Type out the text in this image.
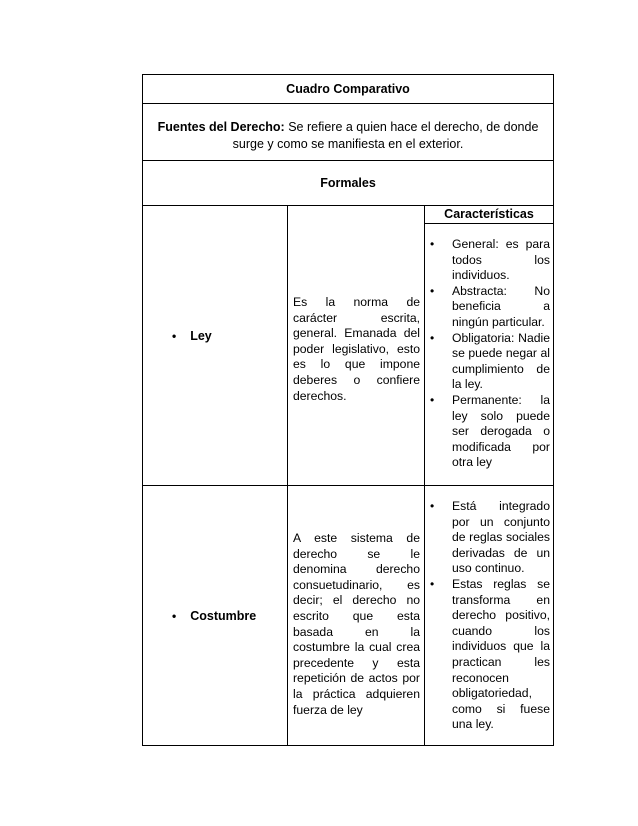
Cuadro Comparativo
Fuentes del Derecho: Se refiere a quien hace el derecho, de donde
surge y como se manifiesta en el exterior.
Formales
Características
• Ley
Es la norma de carácter escrita, general. Emanada del poder legislativo, esto es lo que impone deberes o confiere derechos.
• General: es para todos los individuos.
• Abstracta: No beneficia a ningún particular.
• Obligatoria: Nadie se puede negar al cumplimiento de la ley.
• Permanente: la ley solo puede ser derogada o modificada por otra ley
• Costumbre
A este sistema de derecho se le denomina derecho consuetudinario, es decir; el derecho no escrito que esta basada en la costumbre la cual crea precedente y esta repetición de actos por la práctica adquieren fuerza de ley
• Está integrado por un conjunto de reglas sociales derivadas de un uso continuo.
• Estas reglas se transforma en derecho positivo, cuando los individuos que la practican les reconocen obligatoriedad, como si fuese una ley.
